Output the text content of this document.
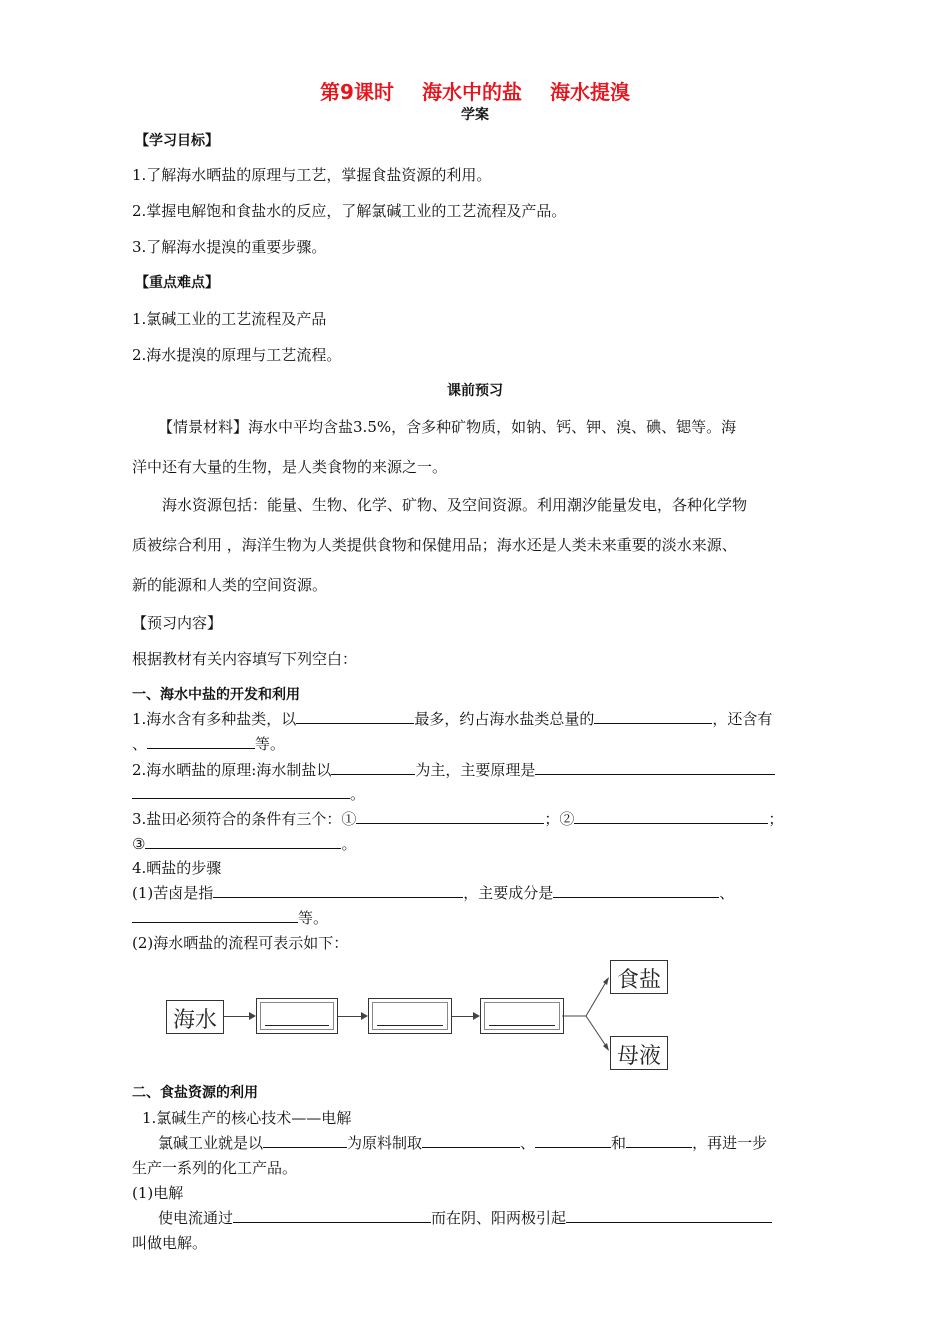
第9课时 海水中的盐 海水提溴
学案
【学习目标】
1.了解海水晒盐的原理与工艺，掌握食盐资源的利用。
2.掌握电解饱和食盐水的反应，了解氯碱工业的工艺流程及产品。
3.了解海水提溴的重要步骤。
【重点难点】
1.氯碱工业的工艺流程及产品
2.海水提溴的原理与工艺流程。
课前预习
【情景材料】海水中平均含盐3.5%，含多种矿物质，如钠、钙、钾、溴、碘、锶等。海
洋中还有大量的生物，是人类食物的来源之一。
海水资源包括：能量、生物、化学、矿物、及空间资源。利用潮汐能量发电，各种化学物
质被综合利用 ，海洋生物为人类提供食物和保健用品；海水还是人类未来重要的淡水来源、
新的能源和人类的空间资源。
【预习内容】
根据教材有关内容填写下列空白：
一、海水中盐的开发和利用
1.海水含有多种盐类，以	最多，约占海水盐类总量的	，还含有
、	等。
2.海水晒盐的原理:海水制盐以	为主，主要原理是
。
3.盐田必须符合的条件有三个：①	；②	；
③	。
4.晒盐的步骤
(1)苦卤是指	，主要成分是	、
等。
(2)海水晒盐的流程可表示如下：
海水
食盐
母液
二、食盐资源的利用
1.氯碱生产的核心技术——电解
氯碱工业就是以	为原料制取	、	和	，再进一步
生产一系列的化工产品。
(1)电解
使电流通过	而在阴、阳两极引起
叫做电解。
